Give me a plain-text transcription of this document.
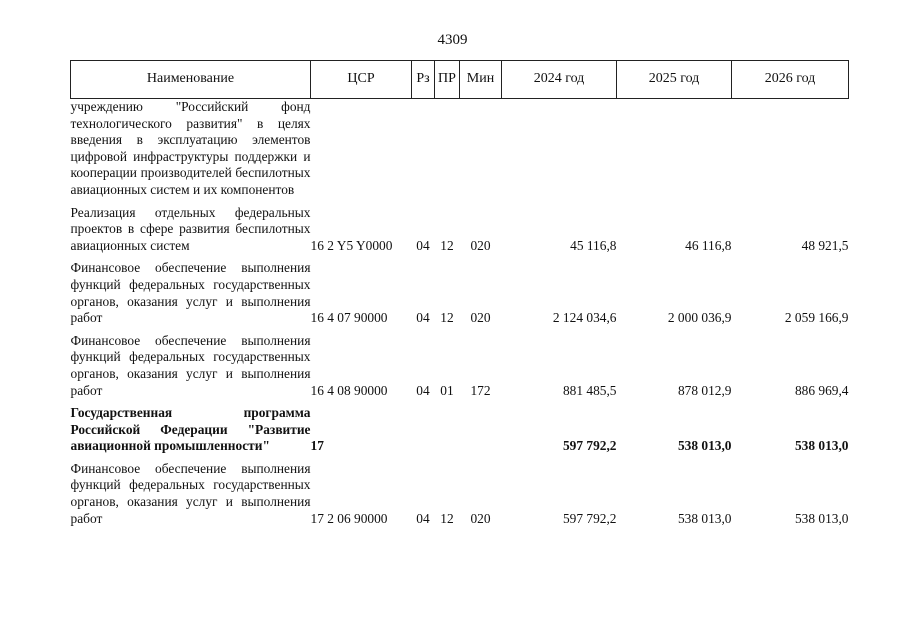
4309
Наименование	ЦСР	Рз	ПР	Мин	2024 год	2025 год	2026 год
учреждению "Российский фонд технологического развития" в целях введения в эксплуатацию элементов цифровой инфраструктуры поддержки и кооперации производителей беспилотных авиационных систем и их компонентов							

Реализация отдельных федеральных проектов в сфере развития беспилотных авиационных систем	16 2 Y5 Y0000	04	12	020	45 116,8	46 116,8	48 921,5

Финансовое обеспечение выполнения функций федеральных государственных органов, оказания услуг и выполнения работ	16 4 07 90000	04	12	020	2 124 034,6	2 000 036,9	2 059 166,9

Финансовое обеспечение выполнения функций федеральных государственных органов, оказания услуг и выполнения работ	16 4 08 90000	04	01	172	881 485,5	878 012,9	886 969,4

Государственная программа Российской Федерации "Развитие авиационной промышленности"	17				597 792,2	538 013,0	538 013,0

Финансовое обеспечение выполнения функций федеральных государственных органов, оказания услуг и выполнения работ	17 2 06 90000	04	12	020	597 792,2	538 013,0	538 013,0
